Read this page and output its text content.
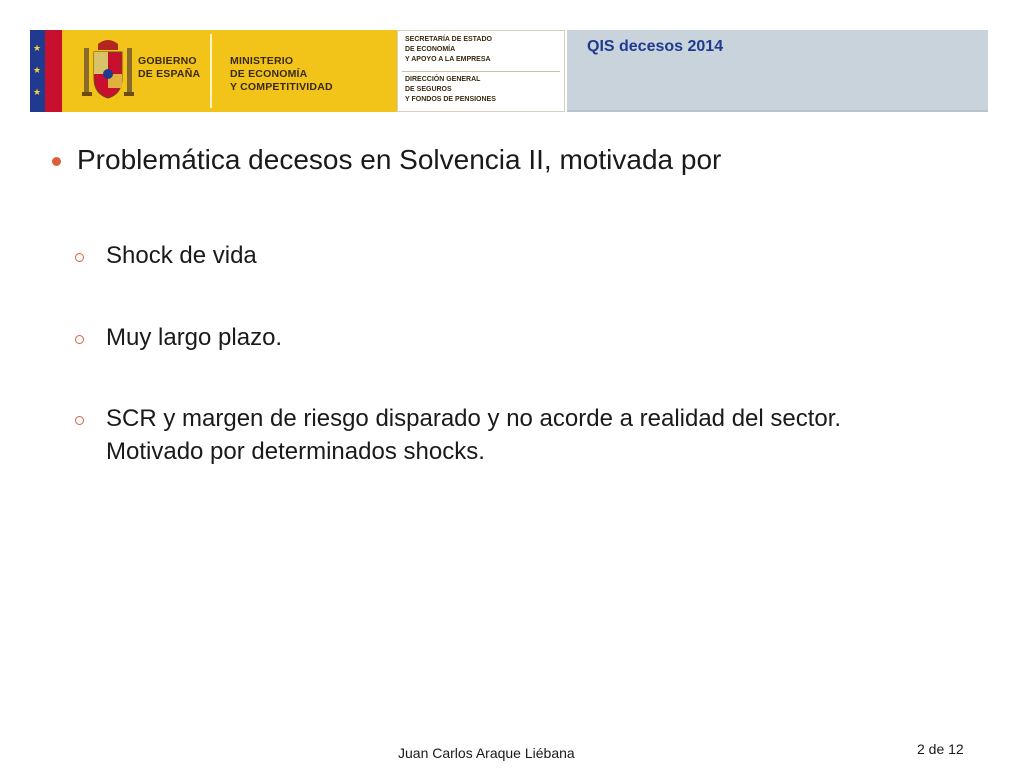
★
★
★
GOBIERNO
DE ESPAÑA
MINISTERIO
DE ECONOMÍA
Y COMPETITIVIDAD
SECRETARÍA DE ESTADO
DE ECONOMÍA
Y APOYO A LA EMPRESA
DIRECCIÓN GENERAL
DE SEGUROS
Y FONDOS DE PENSIONES
QIS decesos 2014
Problemática decesos en Solvencia II, motivada por
Shock de vida
Muy largo plazo.
SCR y margen de riesgo disparado y no acorde a realidad del sector. Motivado por determinados shocks.
Juan Carlos Araque Liébana	2 de 12
